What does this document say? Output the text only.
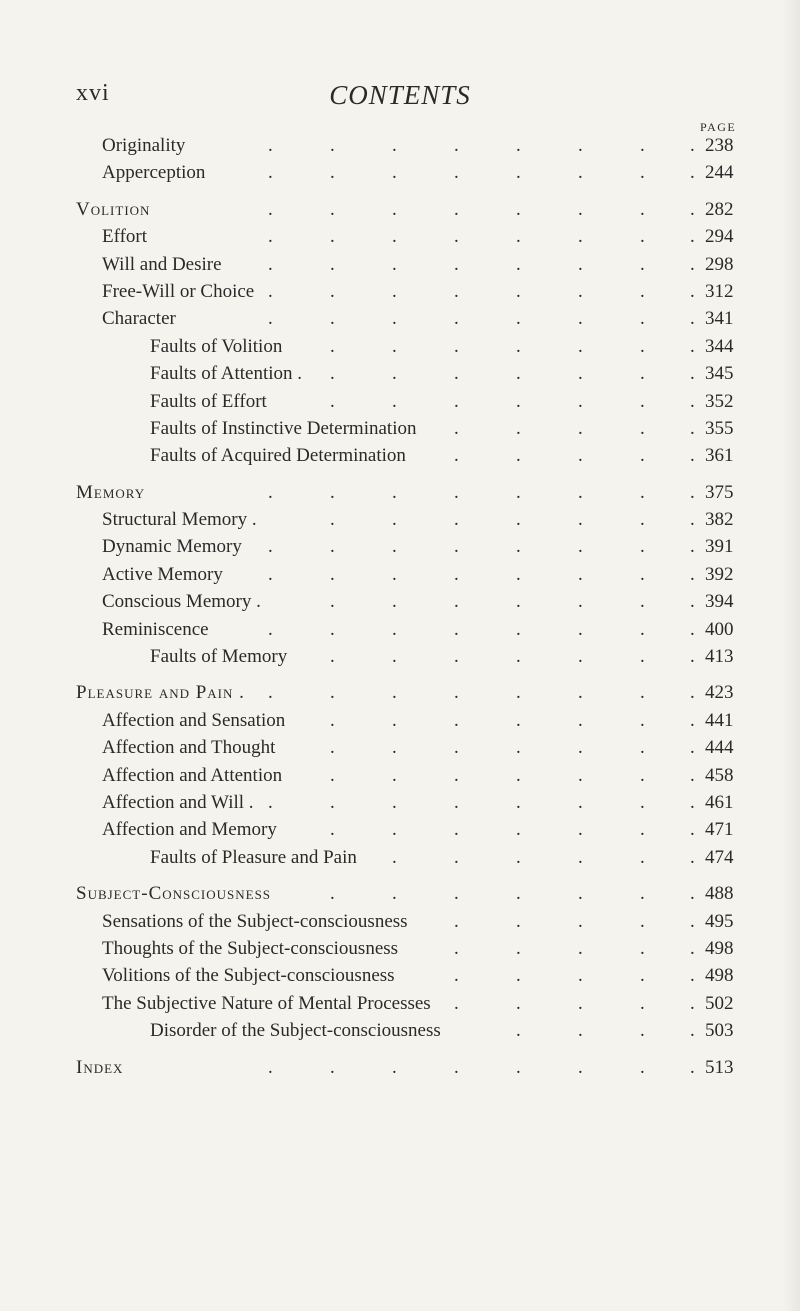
xvi	CONTENTS
PAGE
Originality	.	.	.	.	.	.	. . 238
Apperception	.	.	.	.	.	.	. . 244
Volition	.	.	.	.	.	.	. . 282
Effort	.	.	.	.	.	.	. . 294
Will and Desire .	.	.	.	.	.	. . 298
Free-Will or Choice .	.	.	.	.	.	. . 312
Character	.	.	.	.	.	.	. . 341
Faults of Volition	.	.	.	.	.	. . 344
Faults of Attention . .	.	.	.	.	. . 345
Faults of Effort	.	.	.	.	.	. . 352
Faults of Instinctive Determination .	.	.	. . 355
Faults of Acquired Determination	.	.	.	. . 361
Memory	.	.	.	.	.	.	. . 375
Structural Memory .	.	.	.	.	.	. . 382
Dynamic Memory .	.	.	.	.	.	. . 391
Active Memory .	.	.	.	.	.	. . 392
Conscious Memory .	.	.	.	.	.	. . 394
Reminiscence	.	.	.	.	.	.	. . 400
Faults of Memory .	.	.	.	.	. . 413
Pleasure and Pain . .	.	.	.	.	.	. . 423
Affection and Sensation .	.	.	.	.	. . 441
Affection and Thought	.	.	.	.	.	. . 444
Affection and Attention	.	.	.	.	.	. . 458
Affection and Will . .	.	.	.	.	.	. . 461
Affection and Memory	.	.	.	.	.	. . 471
Faults of Pleasure and Pain .	.	.	.	. . 474
Subject-Consciousness	.	.	.	.	.	. . 488
Sensations of the Subject-consciousness .	.	.	. . 495
Thoughts of the Subject-consciousness	.	.	.	. . 498
Volitions of the Subject-consciousness	.	.	.	. . 498
The Subjective Nature of Mental Processes .	.	.	. . 502
Disorder of the Subject-consciousness	.	.	. . 503
Index	.	.	.	.	.	.	. . 513
